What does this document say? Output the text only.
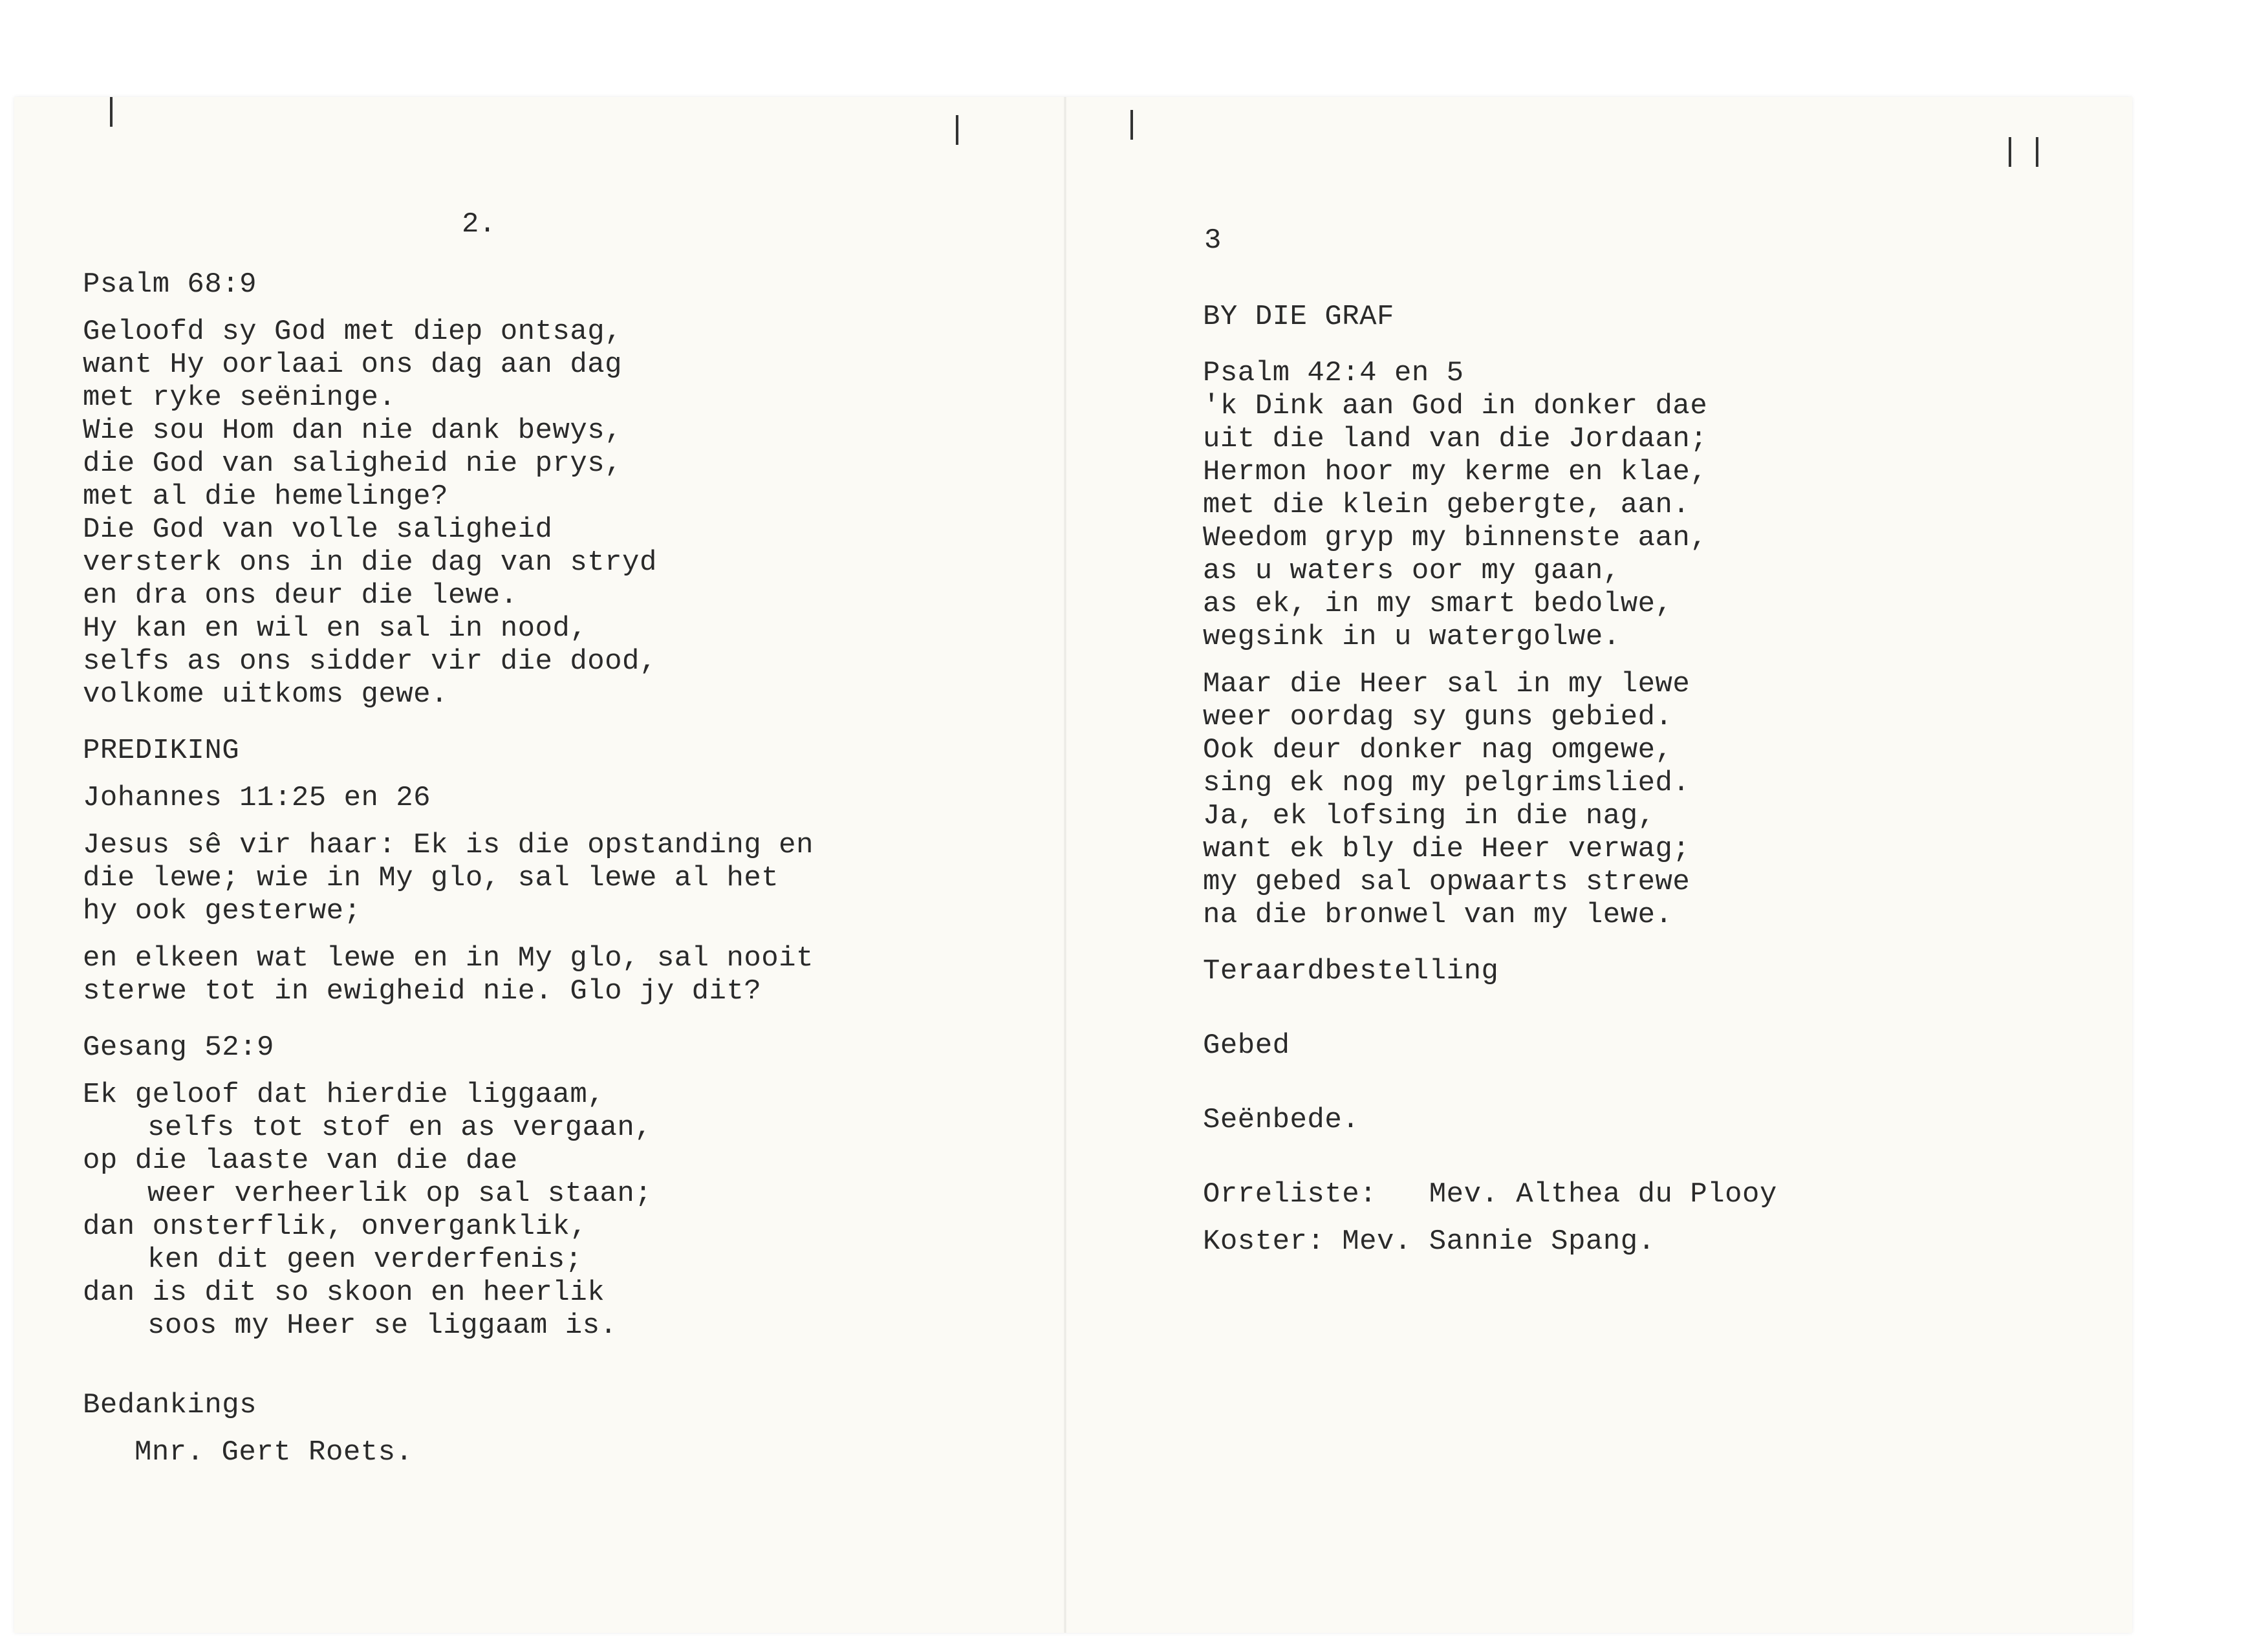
2.	3

Psalm 68:9

Geloofd sy God met diep ontsag,

want Hy oorlaai ons dag aan dag

met ryke seëninge.

Wie sou Hom dan nie dank bewys,

die God van saligheid nie prys,

met al die hemelinge?

Die God van volle saligheid

versterk ons in die dag van stryd

en dra ons deur die lewe.

Hy kan en wil en sal in nood,

selfs as ons sidder vir die dood,

volkome uitkoms gewe.

PREDIKING

Johannes 11:25 en 26

Jesus sê vir haar: Ek is die opstanding en

die lewe; wie in My glo, sal lewe al het

hy ook gesterwe;

en elkeen wat lewe en in My glo, sal nooit

sterwe tot in ewigheid nie. Glo jy dit?

Gesang 52:9

Ek geloof dat hierdie liggaam,

selfs tot stof en as vergaan,

op die laaste van die dae

weer verheerlik op sal staan;

dan onsterflik, onverganklik,

ken dit geen verderfenis;

dan is dit so skoon en heerlik

soos my Heer se liggaam is.

Bedankings

Mnr. Gert Roets.

BY DIE GRAF

Psalm 42:4 en 5

'k Dink aan God in donker dae

uit die land van die Jordaan;

Hermon hoor my kerme en klae,

met die klein gebergte, aan.

Weedom gryp my binnenste aan,

as u waters oor my gaan,

as ek, in my smart bedolwe,

wegsink in u watergolwe.

Maar die Heer sal in my lewe

weer oordag sy guns gebied.

Ook deur donker nag omgewe,

sing ek nog my pelgrimslied.

Ja, ek lofsing in die nag,

want ek bly die Heer verwag;

my gebed sal opwaarts strewe

na die bronwel van my lewe.

Teraardbestelling

Gebed

Seënbede.

Orreliste: Mev. Althea du Plooy

Koster: Mev. Sannie Spang.
